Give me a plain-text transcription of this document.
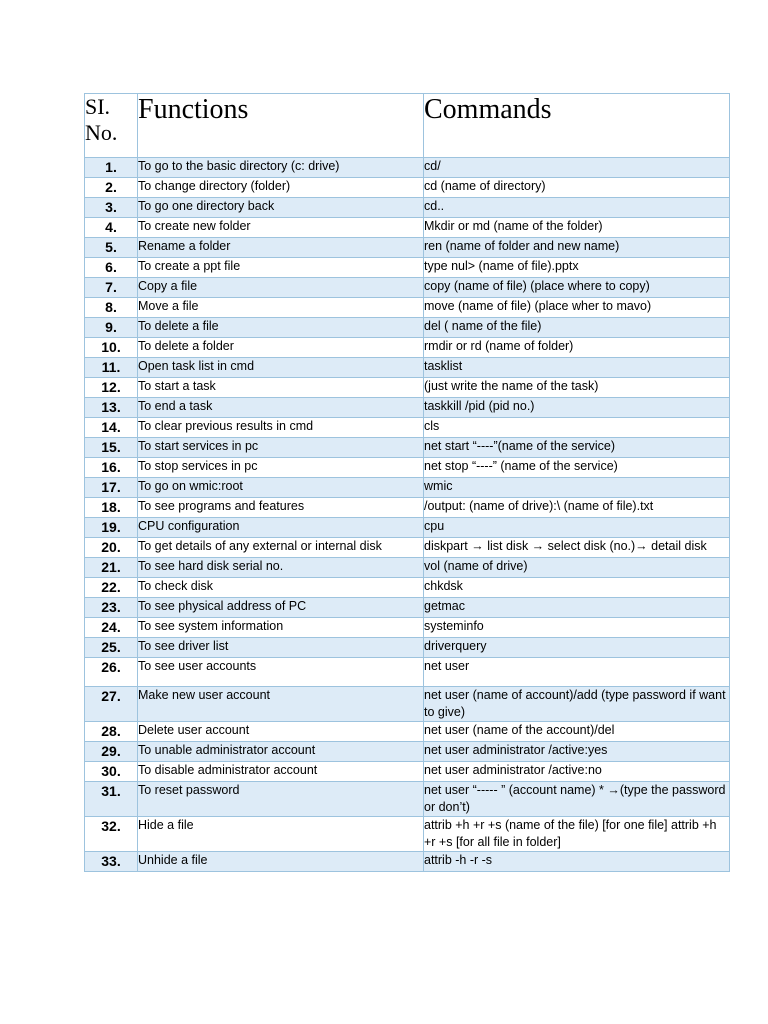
SI. No.	Functions	Commands
1.	To go to the basic directory (c: drive)	cd/
2.	To change directory (folder)	cd (name of directory)
3.	To go one directory back	cd..
4.	To create new folder	Mkdir or md (name of the folder)
5.	Rename a folder	ren (name of folder and new name)
6.	To create a ppt file	type nul> (name of file).pptx
7.	Copy a file	copy (name of file) (place where to copy)
8.	Move a file	move (name of file) (place wher to mavo)
9.	To delete a file	del ( name of the file)
10.	To delete a folder	rmdir or rd (name of folder)
11.	Open task list in cmd	tasklist
12.	To start a task	(just write the name of the task)
13.	To end a task	taskkill /pid (pid no.)
14.	To clear previous results in cmd	cls
15.	To start services in pc	net start “----”(name of the service)
16.	To stop services in pc	net stop “----” (name of the service)
17.	To go on wmic:root	wmic
18.	To see programs and features	/output: (name of drive):\ (name of file).txt
19.	CPU configuration	cpu
20.	To get details of any external or internal disk	diskpart → list disk → select disk (no.)→ detail disk
21.	To see hard disk serial no.	vol (name of drive)
22.	To check disk	chkdsk
23.	To see physical address of PC	getmac
24.	To see system information	systeminfo
25.	To see driver list	driverquery
26.	To see user accounts	net user
27.	Make new user account	net user (name of account)/add (type password if want to give)
28.	Delete user account	net user (name of the account)/del
29.	To unable administrator account	net user administrator /active:yes
30.	To disable administrator account	net user administrator /active:no
31.	To reset password	net user “----- ” (account name) * →(type the password or don’t)
32.	Hide a file	attrib +h +r +s (name of the file) [for one file] attrib +h +r +s [for all file in folder]
33.	Unhide a file	attrib -h -r -s
